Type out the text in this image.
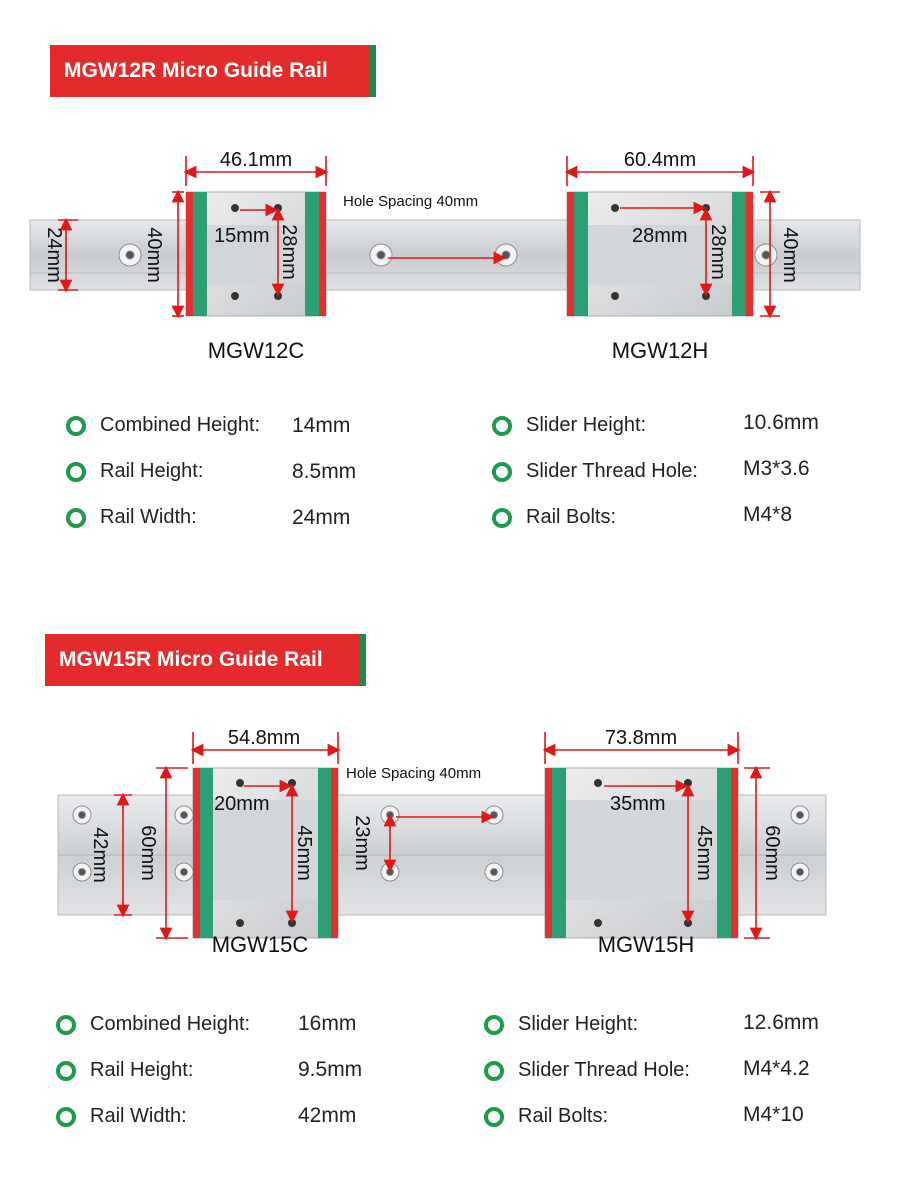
MGW12R Micro Guide Rail
46.1mm	60.4mm
24mm	40mm 15mm 28mm
Hole Spacing 40mm
28mm 28mm	40mm
MGW12C	MGW12H
Combined Height: 14mm
Rail Height:	8.5mm
Rail Width:	24mm
Slider Height:	10.6mm
Slider Thread Hole: M3*3.6
Rail Bolts:	M4*8
MGW15R Micro Guide Rail
54.8mm	73.8mm
42mm 60mm
20mm
45mm
Hole Spacing 40mm
23mm
35mm
45mm 60mm
MGW15C	MGW15H
Combined Height: 16mm
Rail Height:	9.5mm
Rail Width:	42mm
Slider Height:	12.6mm
Slider Thread Hole:	M4*4.2
Rail Bolts:	M4*10
